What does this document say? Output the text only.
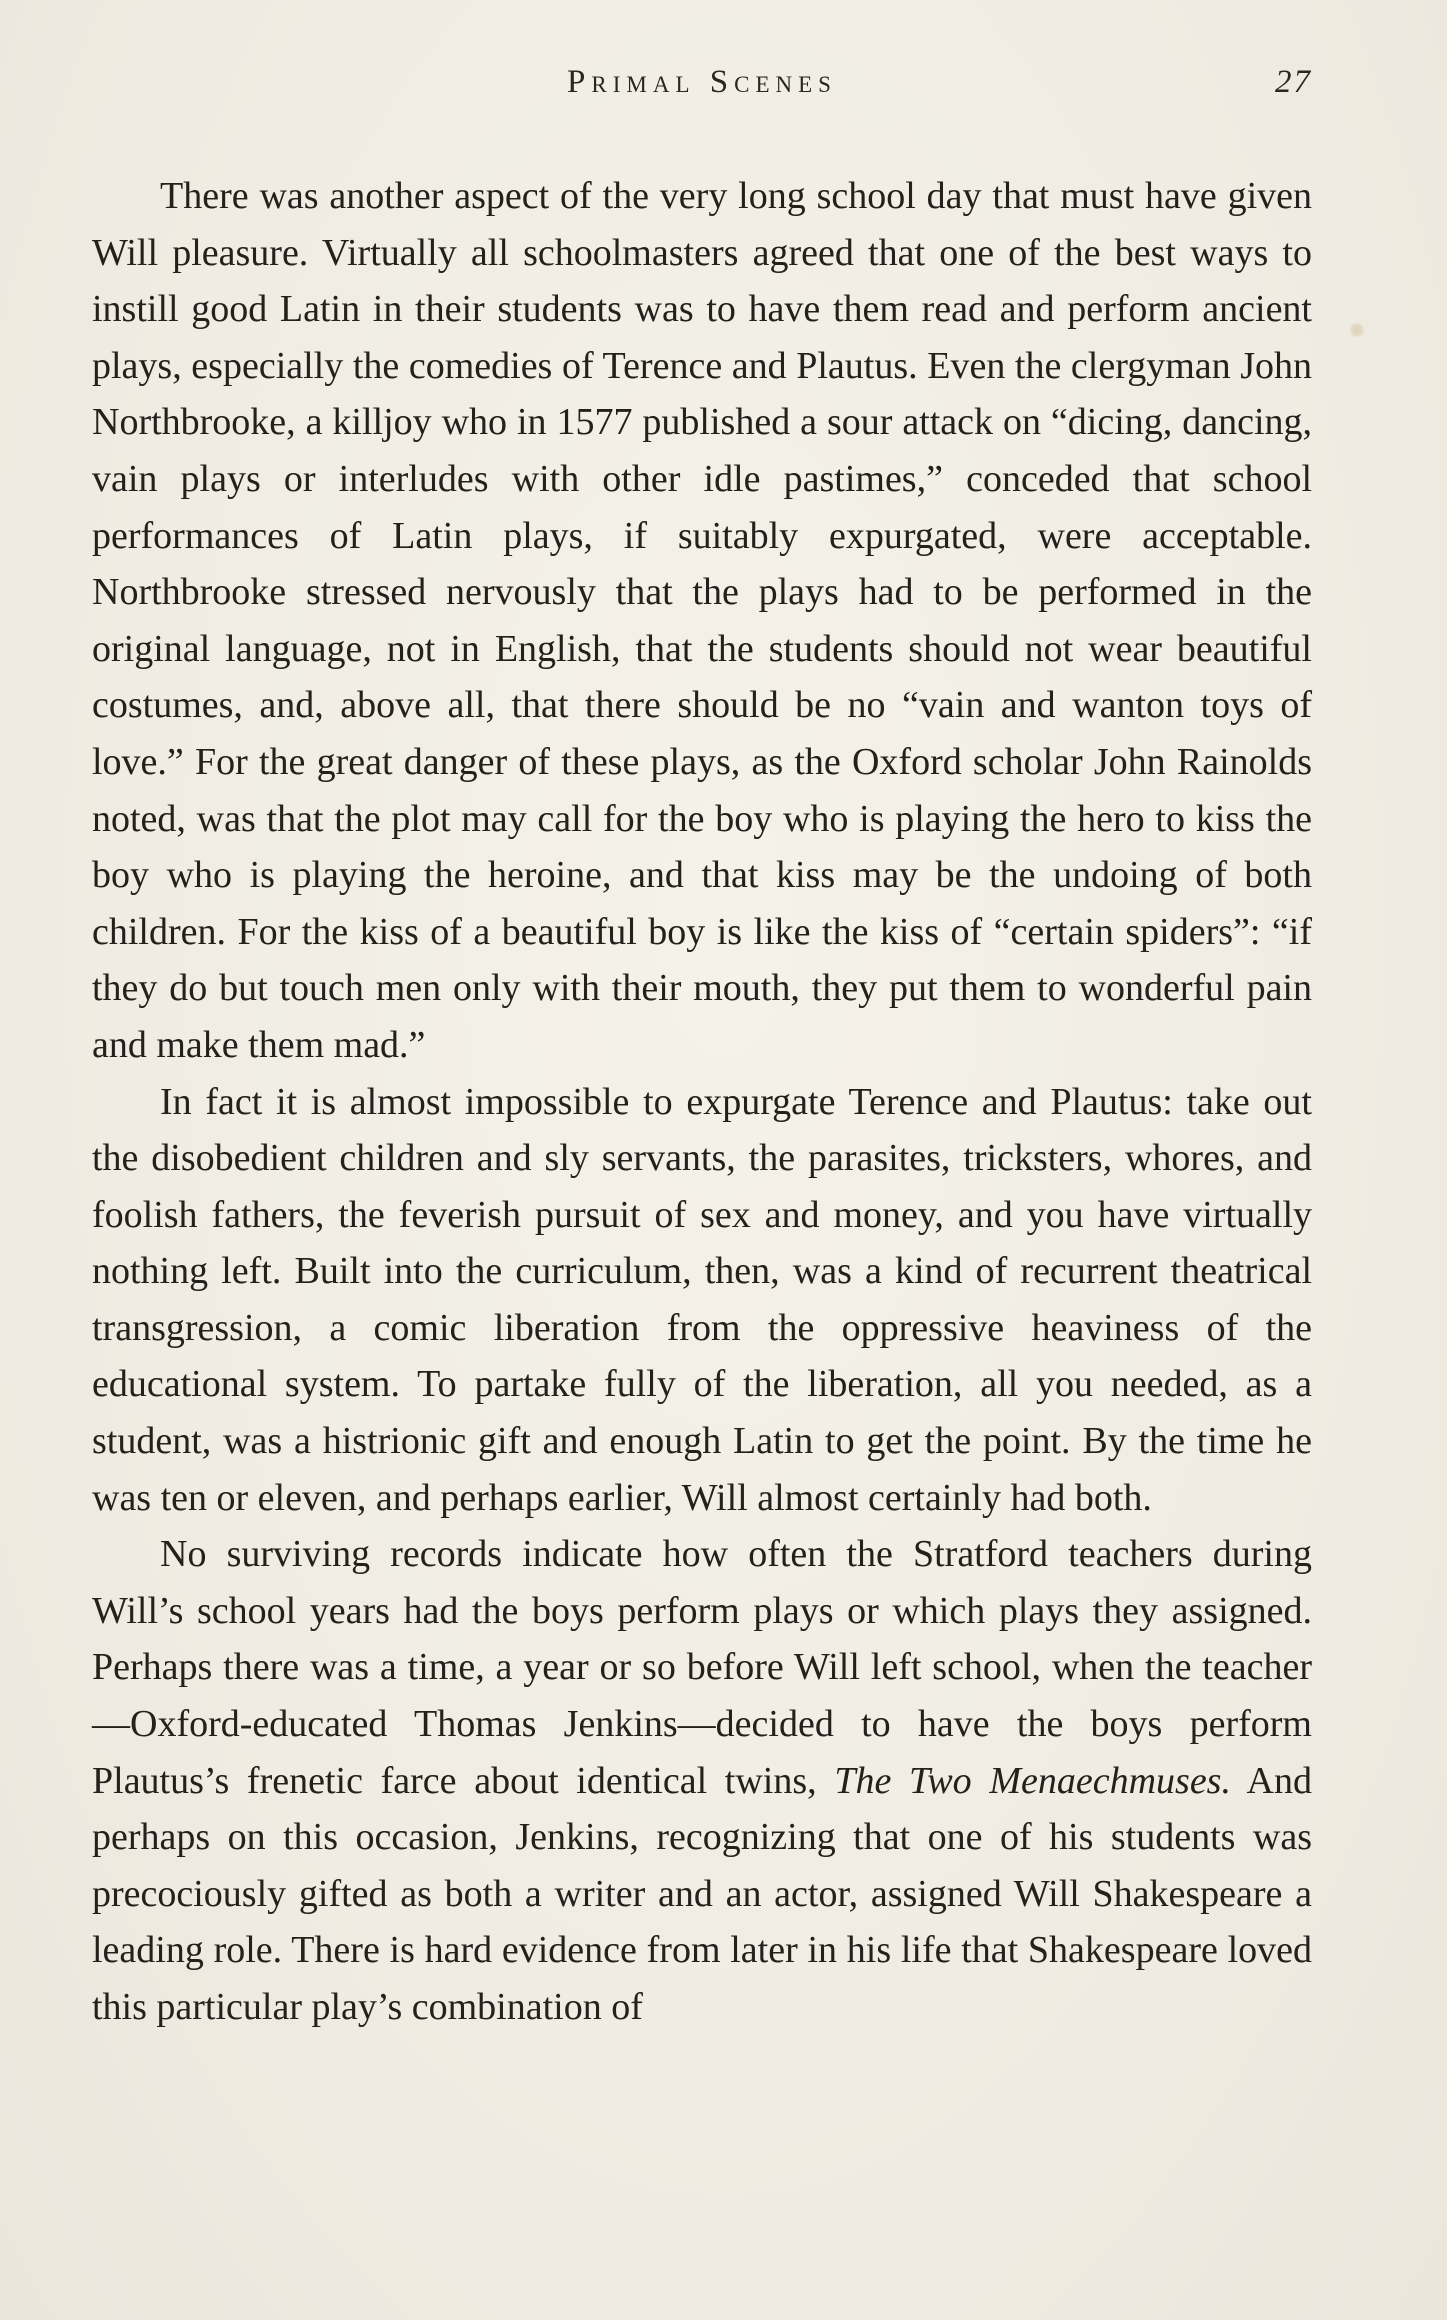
Primal Scenes	27

There was another aspect of the very long school day that must have given Will pleasure. Virtually all schoolmasters agreed that one of the best ways to instill good Latin in their students was to have them read and perform ancient plays, especially the comedies of Terence and Plautus. Even the clergyman John Northbrooke, a killjoy who in 1577 published a sour attack on “dicing, dancing, vain plays or interludes with other idle pastimes,” conceded that school performances of Latin plays, if suitably expurgated, were acceptable. Northbrooke stressed nervously that the plays had to be performed in the original language, not in English, that the students should not wear beautiful costumes, and, above all, that there should be no “vain and wanton toys of love.” For the great danger of these plays, as the Oxford scholar John Rainolds noted, was that the plot may call for the boy who is playing the hero to kiss the boy who is playing the heroine, and that kiss may be the undoing of both children. For the kiss of a beautiful boy is like the kiss of “certain spiders”: “if they do but touch men only with their mouth, they put them to wonderful pain and make them mad.”

In fact it is almost impossible to expurgate Terence and Plautus: take out the disobedient children and sly servants, the parasites, tricksters, whores, and foolish fathers, the feverish pursuit of sex and money, and you have virtually nothing left. Built into the curriculum, then, was a kind of recurrent theatrical transgression, a comic liberation from the oppressive heaviness of the educational system. To partake fully of the liberation, all you needed, as a student, was a histrionic gift and enough Latin to get the point. By the time he was ten or eleven, and perhaps earlier, Will almost certainly had both.

No surviving records indicate how often the Stratford teachers during Will’s school years had the boys perform plays or which plays they assigned. Perhaps there was a time, a year or so before Will left school, when the teacher—Oxford-educated Thomas Jenkins—decided to have the boys perform Plautus’s frenetic farce about identical twins, The Two Menaechmuses. And perhaps on this occasion, Jenkins, recognizing that one of his students was precociously gifted as both a writer and an actor, assigned Will Shakespeare a leading role. There is hard evidence from later in his life that Shakespeare loved this particular play’s combination of
